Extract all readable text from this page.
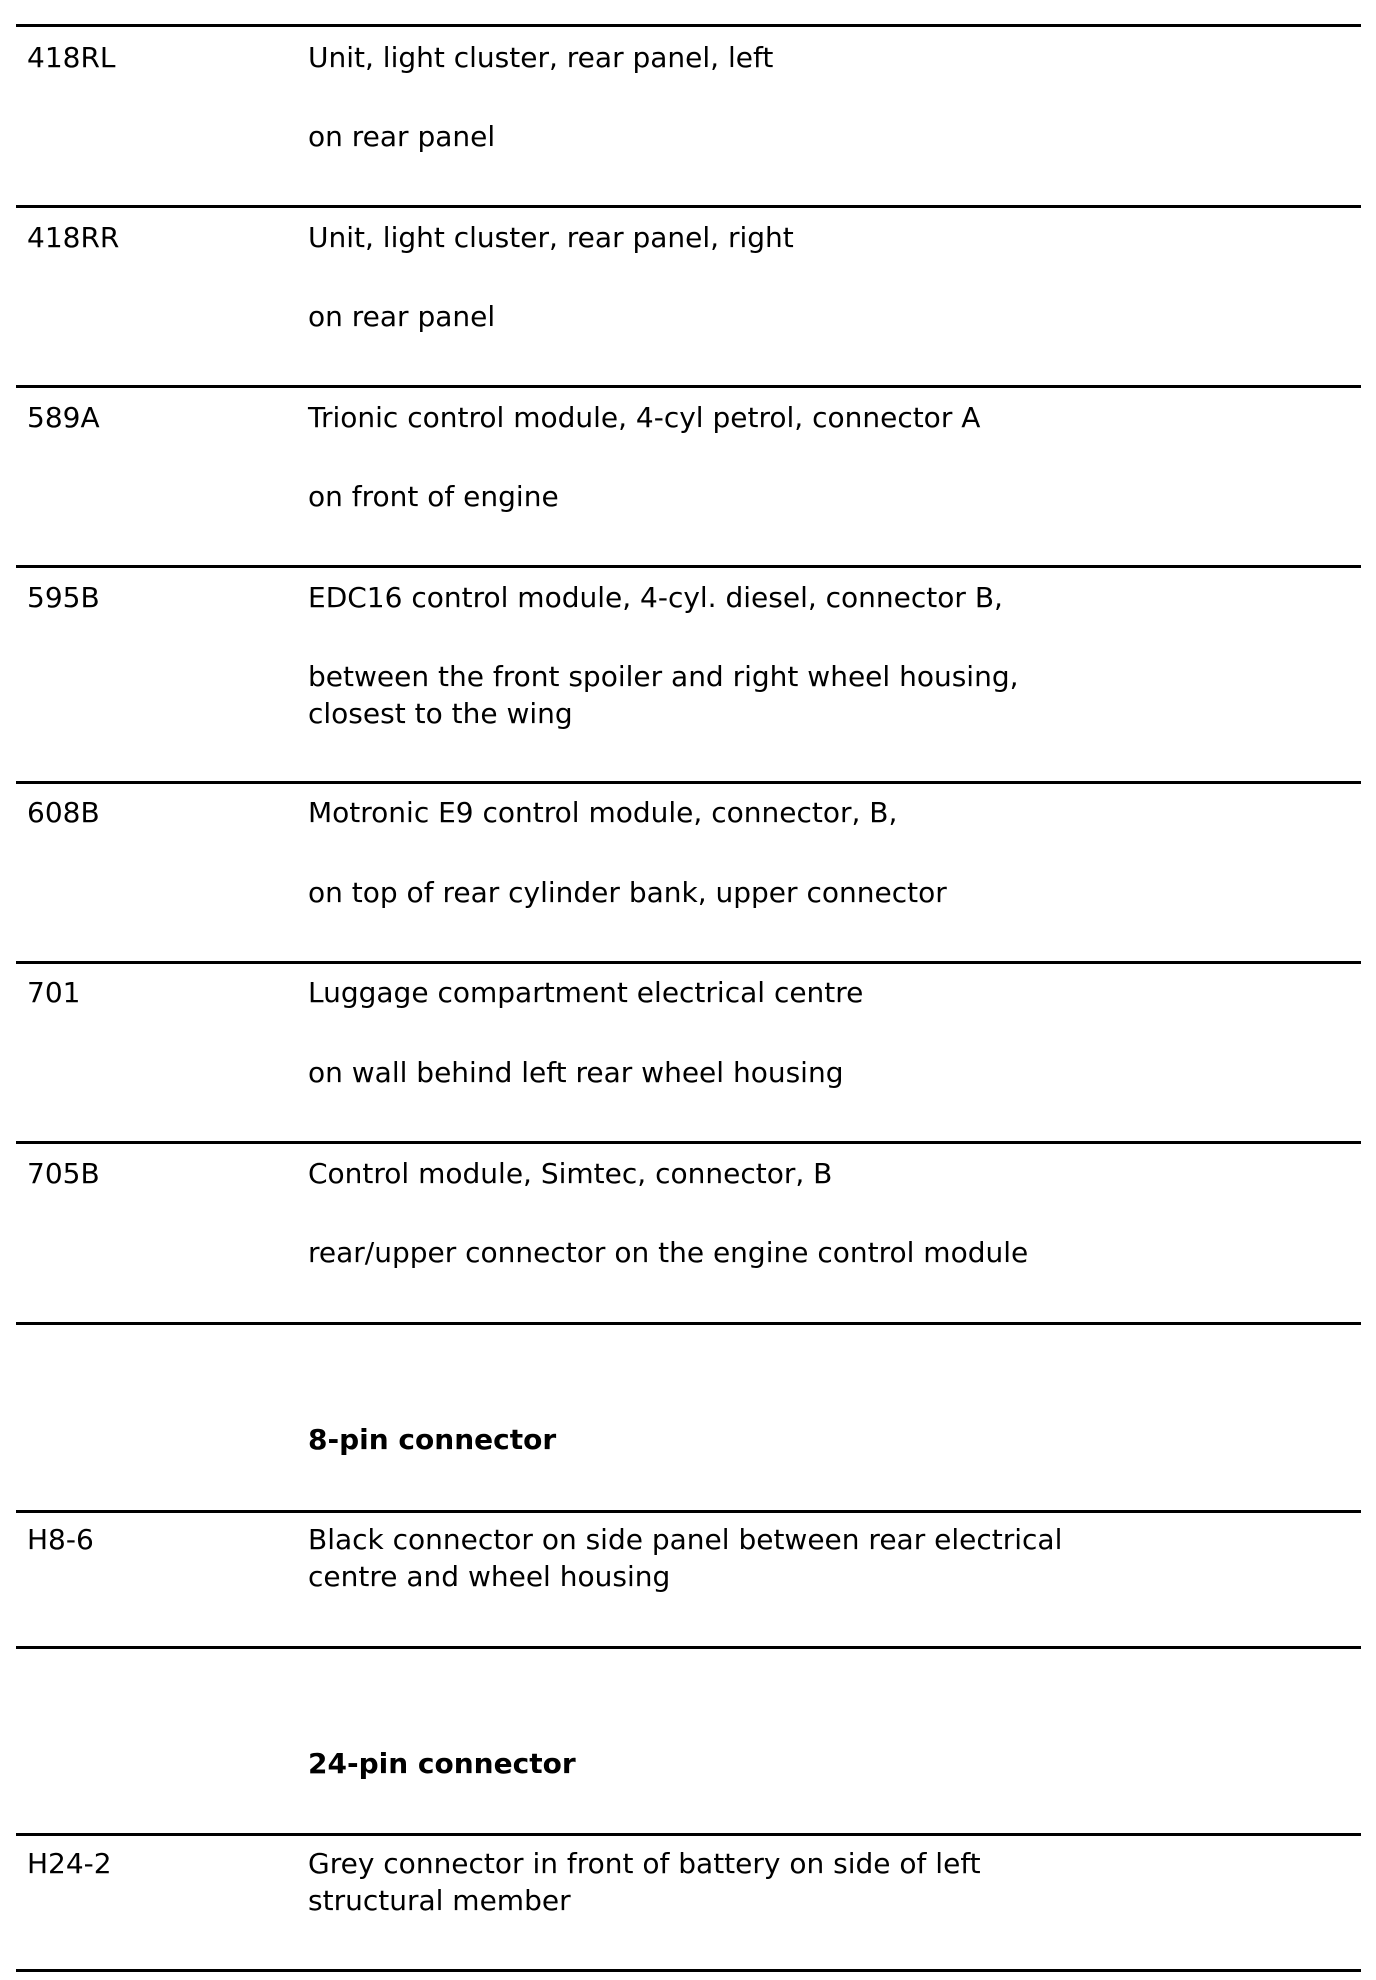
418RL	Unit, light cluster, rear panel, left
on rear panel
418RR	Unit, light cluster, rear panel, right
on rear panel
589A	Trionic control module, 4-cyl petrol, connector A
on front of engine
595B	EDC16 control module, 4-cyl. diesel, connector B,
between the front spoiler and right wheel housing,
closest to the wing
608B	Motronic E9 control module, connector, B,
on top of rear cylinder bank, upper connector
701	Luggage compartment electrical centre
on wall behind left rear wheel housing
705B	Control module, Simtec, connector, B
rear/upper connector on the engine control module
8-pin connector
H8-6	Black connector on side panel between rear electrical
centre and wheel housing
24-pin connector
H24-2	Grey connector in front of battery on side of left
structural member
